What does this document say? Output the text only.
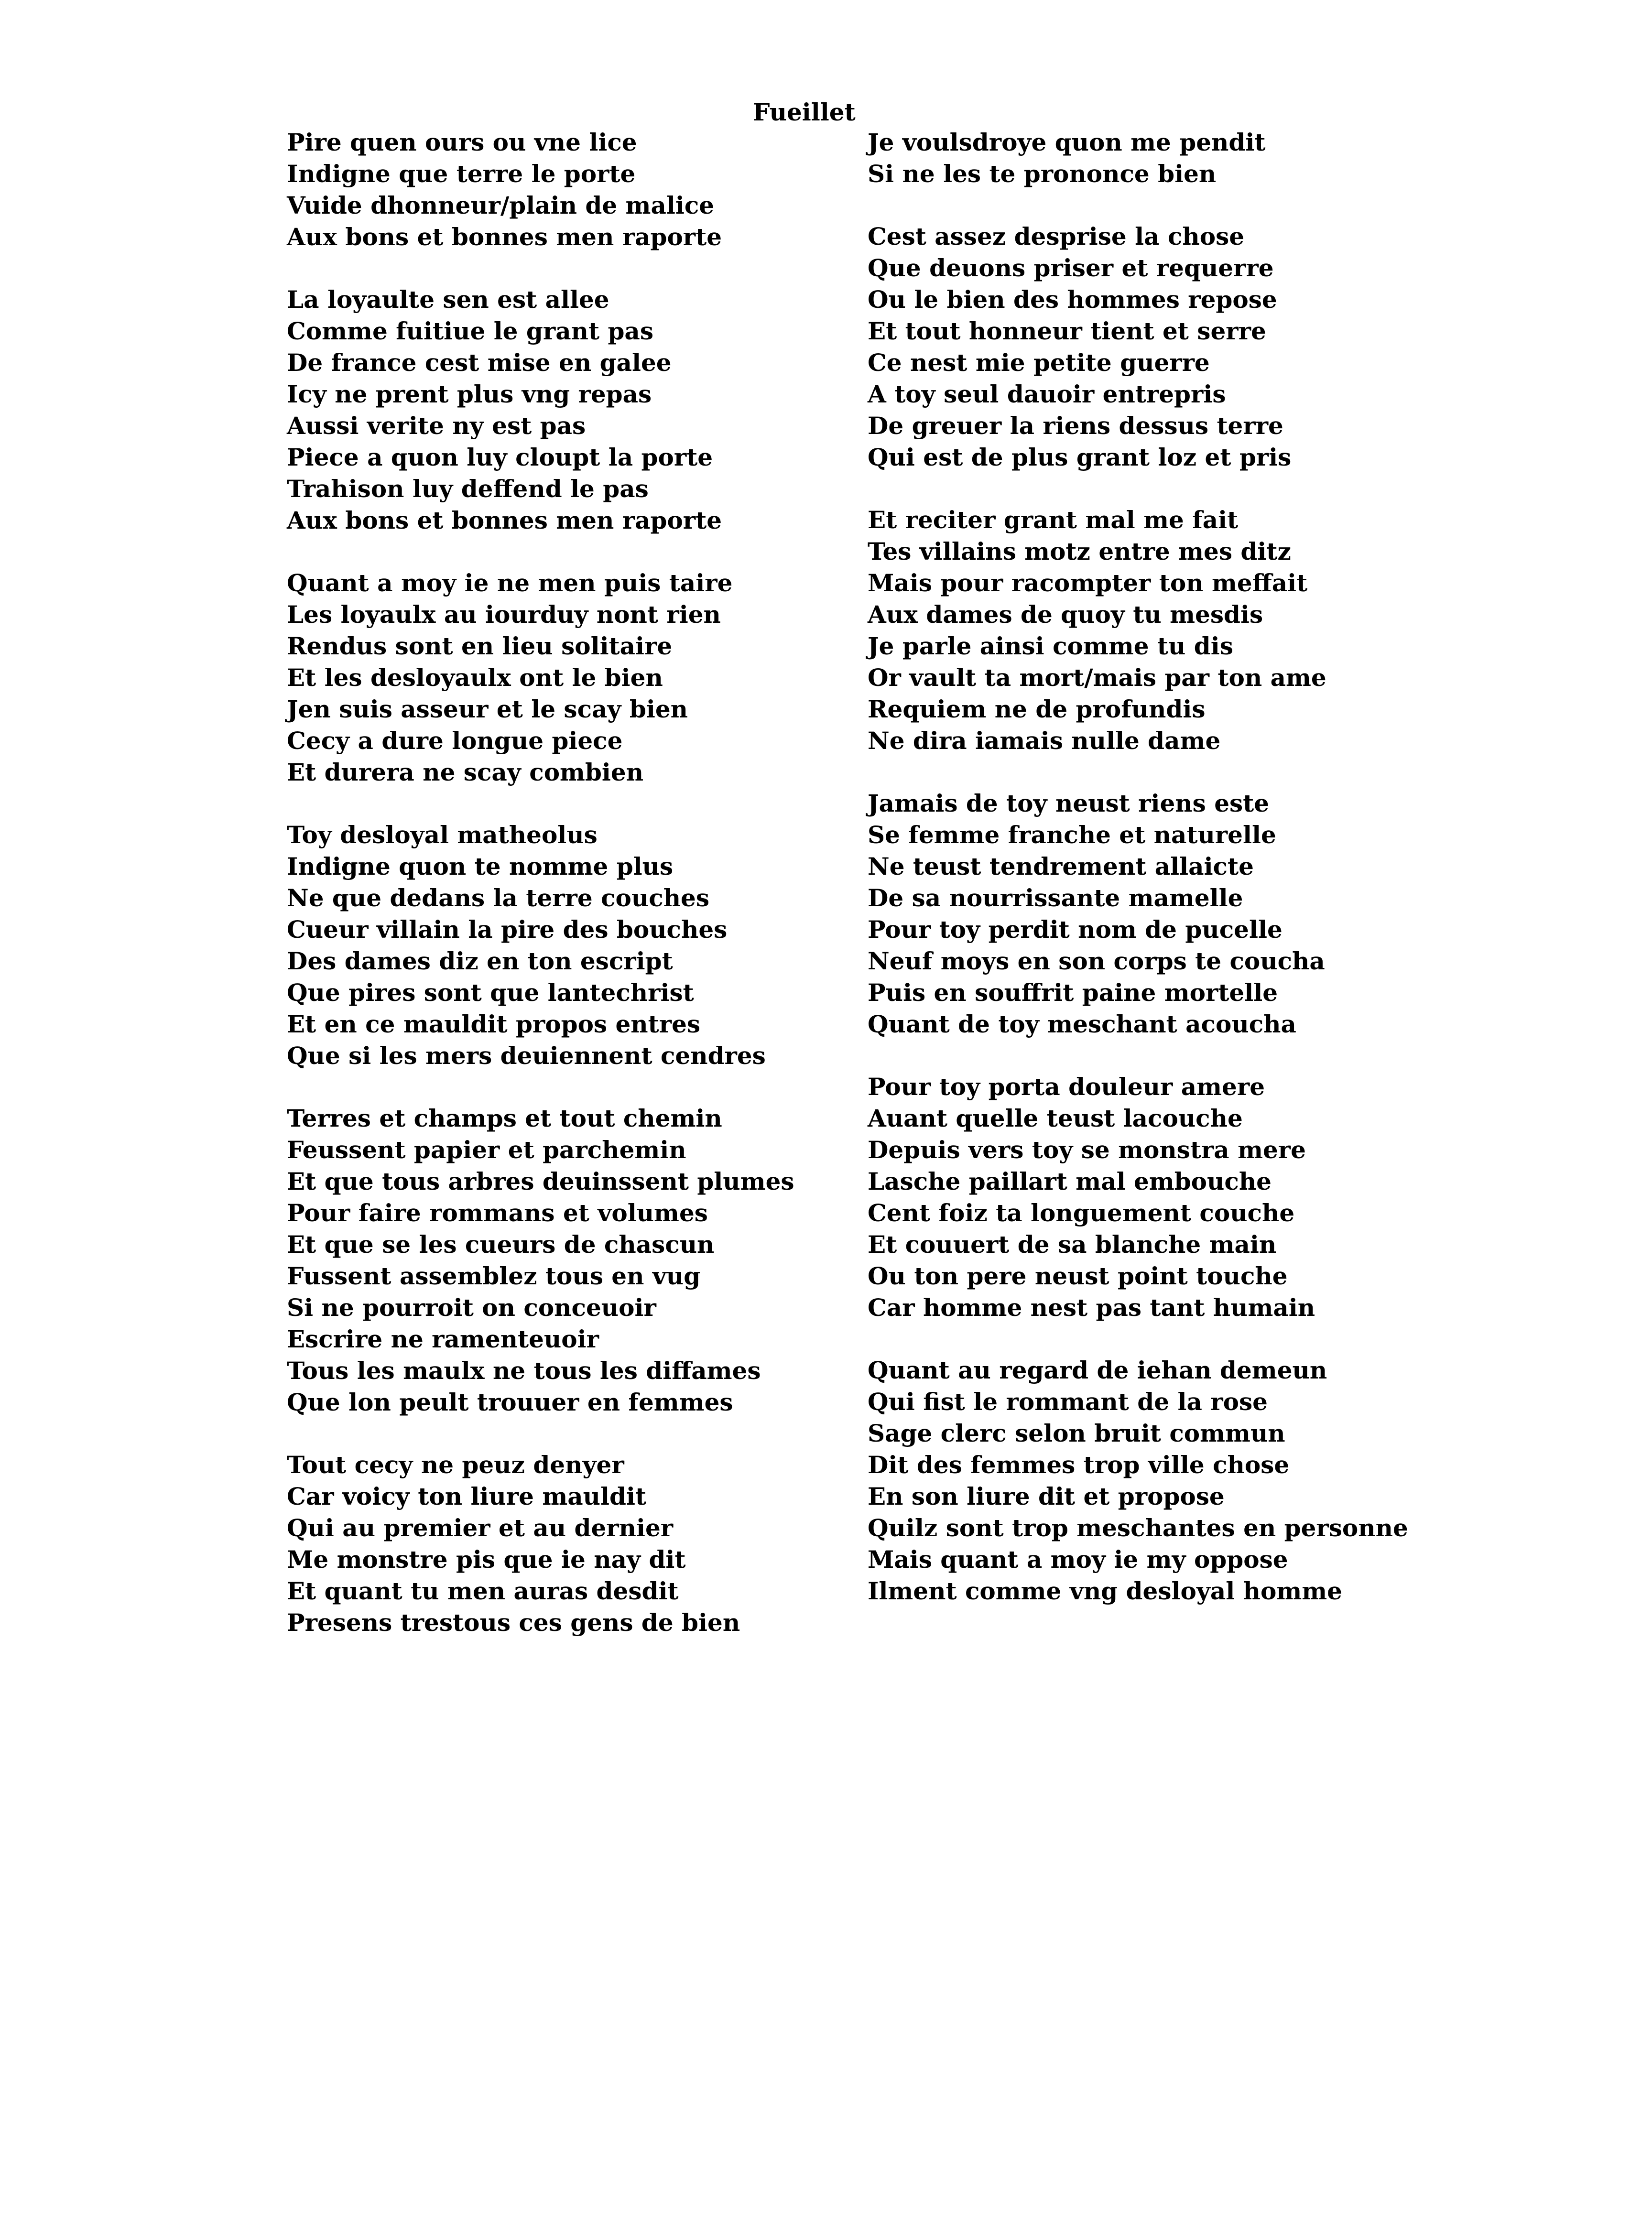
Fueillet
Pire quen ours ou vne lice
Indigne que terre le porte
Vuide dhonneur/plain de malice
Aux bons et bonnes men raporte
La loyaulte sen est allee
Comme fuitiue le grant pas
De france cest mise en galee
Icy ne prent plus vng repas
Aussi verite ny est pas
Piece a quon luy cloupt la porte
Trahison luy deffend le pas
Aux bons et bonnes men raporte
Quant a moy ie ne men puis taire
Les loyaulx au iourduy nont rien
Rendus sont en lieu solitaire
Et les desloyaulx ont le bien
Jen suis asseur et le scay bien
Cecy a dure longue piece
Et durera ne scay combien
Toy desloyal matheolus
Indigne quon te nomme plus
Ne que dedans la terre couches
Cueur villain la pire des bouches
Des dames diz en ton escript
Que pires sont que lantechrist
Et en ce mauldit propos entres
Que si les mers deuiennent cendres
Terres et champs et tout chemin
Feussent papier et parchemin
Et que tous arbres deuinssent plumes
Pour faire rommans et volumes
Et que se les cueurs de chascun
Fussent assemblez tous en vug
Si ne pourroit on conceuoir
Escrire ne ramenteuoir
Tous les maulx ne tous les diffames
Que lon peult trouuer en femmes
Tout cecy ne peuz denyer
Car voicy ton liure mauldit
Qui au premier et au dernier
Me monstre pis que ie nay dit
Et quant tu men auras desdit
Presens trestous ces gens de bien
Je voulsdroye quon me pendit
Si ne les te prononce bien
Cest assez desprise la chose
Que deuons priser et requerre
Ou le bien des hommes repose
Et tout honneur tient et serre
Ce nest mie petite guerre
A toy seul dauoir entrepris
De greuer la riens dessus terre
Qui est de plus grant loz et pris
Et reciter grant mal me fait
Tes villains motz entre mes ditz
Mais pour racompter ton meffait
Aux dames de quoy tu mesdis
Je parle ainsi comme tu dis
Or vault ta mort/mais par ton ame
Requiem ne de profundis
Ne dira iamais nulle dame
Jamais de toy neust riens este
Se femme franche et naturelle
Ne teust tendrement allaicte
De sa nourrissante mamelle
Pour toy perdit nom de pucelle
Neuf moys en son corps te coucha
Puis en souffrit paine mortelle
Quant de toy meschant acoucha
Pour toy porta douleur amere
Auant quelle teust lacouche
Depuis vers toy se monstra mere
Lasche paillart mal embouche
Cent foiz ta longuement couche
Et couuert de sa blanche main
Ou ton pere neust point touche
Car homme nest pas tant humain
Quant au regard de iehan demeun
Qui fist le rommant de la rose
Sage clerc selon bruit commun
Dit des femmes trop ville chose
En son liure dit et propose
Quilz sont trop meschantes en personne
Mais quant a moy ie my oppose
Ilment comme vng desloyal homme
